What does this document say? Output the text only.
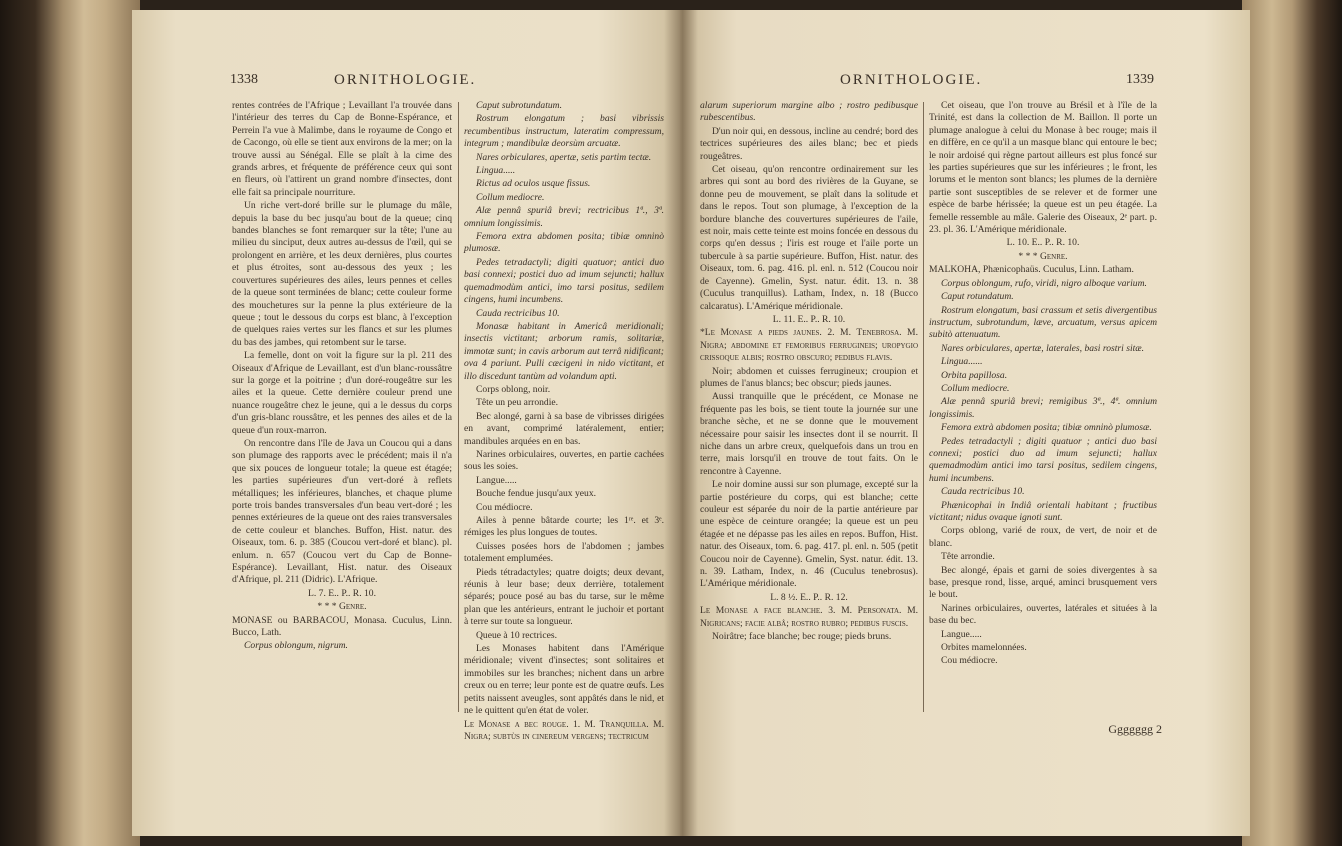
1338	ORNITHOLOGIE.

rentes contrées de l'Afrique ; Levaillant l'a trouvée dans l'intérieur des terres du Cap de Bonne-Espérance, et Perrein l'a vue à Malimbe, dans le royaume de Congo et de Cacongo, où elle se tient aux environs de la mer; on la trouve aussi au Sénégal. Elle se plaît à la cime des grands arbres, et fréquente de préférence ceux qui sont en fleurs, où l'attirent un grand nombre d'insectes, dont elle fait sa principale nourriture.

Un riche vert-doré brille sur le plumage du mâle, depuis la base du bec jusqu'au bout de la queue; cinq bandes blanches se font remarquer sur la tête; l'une au milieu du sinciput, deux autres au-dessus de l'œil, qui se prolongent en arrière, et les deux dernières, plus courtes et plus étroites, sont au-dessous des yeux ; les couvertures supérieures des ailes, leurs pennes et celles de la queue sont terminées de blanc; cette couleur forme des mouchetures sur la penne la plus extérieure de la queue ; tout le dessous du corps est blanc, à l'exception de quelques raies vertes sur les flancs et sur les plumes du bas des jambes, qui retombent sur le tarse.

La femelle, dont on voit la figure sur la pl. 211 des Oiseaux d'Afrique de Levaillant, est d'un blanc-roussâtre sur la gorge et la poitrine ; d'un doré-rougeâtre sur les ailes et la queue. Cette dernière couleur prend une nuance rougeâtre chez le jeune, qui a le dessus du corps d'un gris-blanc roussâtre, et les pennes des ailes et de la queue d'un roux-marron.

On rencontre dans l'île de Java un Coucou qui a dans son plumage des rapports avec le précédent; mais il n'a que six pouces de longueur totale; la queue est étagée; les parties supérieures d'un vert-doré à reflets métalliques; les inférieures, blanches, et chaque plume porte trois bandes transversales d'un beau vert-doré ; les pennes extérieures de la queue ont des raies transversales de cette couleur et blanches. Buffon, Hist. natur. des Oiseaux, tom. 6. p. 385 (Coucou vert-doré et blanc). pl. enlum. n. 657 (Coucou vert du Cap de Bonne-Espérance). Levaillant, Hist. natur. des Oiseaux d'Afrique, pl. 211 (Didric). L'Afrique.

L. 7. E.. P.. R. 10.

* * * Genre.

MONASE ou BARBACOU, Monasa. Cuculus, Linn. Bucco, Lath.

Corpus oblongum, nigrum.

Caput subrotundatum.

Rostrum elongatum ; basi vibrissis recumbentibus instructum, lateratim compressum, integrum ; mandibulæ deorsùm arcuatæ.

Nares orbiculares, apertæ, setis partim tectæ.

Lingua.....

Rictus ad oculos usque fissus.

Collum mediocre.

Alæ pennâ spuriâ brevi; rectricibus 1ª., 3ª. omnium longissimis.

Femora extra abdomen posita; tibiæ omninò plumosæ.

Pedes tetradactyli; digiti quatuor; antici duo basi connexi; postici duo ad imum sejuncti; hallux quemadmodùm antici, imo tarsi positus, sedilem cingens, humi incumbens.

Cauda rectricibus 10.

Monasæ habitant in Americâ meridionali; insectis victitant; arborum ramis, solitariæ, immotæ sunt; in cavis arborum aut terrâ nidificant; ova 4 pariunt. Pulli cæcigeni in nido victitant, et illo discedunt tantùm ad volandum apti.

Corps oblong, noir.

Tête un peu arrondie.

Bec alongé, garni à sa base de vibrisses dirigées en avant, comprimé latéralement, entier; mandibules arquées en en bas.

Narines orbiculaires, ouvertes, en partie cachées sous les soies.

Langue.....

Bouche fendue jusqu'aux yeux.

Cou médiocre.

Ailes à penne bâtarde courte; les 1ʳᵉ. et 3ᵉ. rémiges les plus longues de toutes.

Cuisses posées hors de l'abdomen ; jambes totalement emplumées.

Pieds tétradactyles; quatre doigts; deux devant, réunis à leur base; deux derrière, totalement séparés; pouce posé au bas du tarse, sur le même plan que les antérieurs, entrant le juchoir et portant à terre sur toute sa longueur.

Queue à 10 rectrices.

Les Monases habitent dans l'Amérique méridionale; vivent d'insectes; sont solitaires et immobiles sur les branches; nichent dans un arbre creux ou en terre; leur ponte est de quatre œufs. Les petits naissent aveugles, sont appâtés dans le nid, et ne le quittent qu'en état de voler.

Le Monase a bec rouge. 1. M. Tranquilla. M. Nigra; subtùs in cinereum vergens; tectricum

ORNITHOLOGIE.	1339

alarum superiorum margine albo ; rostro pedibusque rubescentibus.

D'un noir qui, en dessous, incline au cendré; bord des tectrices supérieures des ailes blanc; bec et pieds rougeâtres.

Cet oiseau, qu'on rencontre ordinairement sur les arbres qui sont au bord des rivières de la Guyane, se donne peu de mouvement, se plaît dans la solitude et dans le repos. Tout son plumage, à l'exception de la bordure blanche des couvertures supérieures de l'aile, est noir, mais cette teinte est moins foncée en dessous du corps qu'en dessus ; l'iris est rouge et l'aile porte un tubercule à sa partie supérieure. Buffon, Hist. natur. des Oiseaux, tom. 6. pag. 416. pl. enl. n. 512 (Coucou noir de Cayenne). Gmelin, Syst. natur. édit. 13. n. 38 (Cuculus tranquillus). Latham, Index, n. 18 (Bucco calcaratus). L'Amérique méridionale.

L. 11. E.. P.. R. 10.

*Le Monase a pieds jaunes. 2. M. Tenebrosa. M. Nigra; abdomine et femoribus ferrugineis; uropygio crissoque albis; rostro obscuro; pedibus flavis.

Noir; abdomen et cuisses ferrugineux; croupion et plumes de l'anus blancs; bec obscur; pieds jaunes.

Aussi tranquille que le précédent, ce Monase ne fréquente pas les bois, se tient toute la journée sur une branche sèche, et ne se donne que le mouvement nécessaire pour saisir les insectes dont il se nourrit. Il niche dans un arbre creux, quelquefois dans un trou en terre, mais lorsqu'il en trouve de tout faits. On le rencontre à Cayenne.

Le noir domine aussi sur son plumage, excepté sur la partie postérieure du corps, qui est blanche; cette couleur est séparée du noir de la partie antérieure par une espèce de ceinture orangée; la queue est un peu étagée et ne dépasse pas les ailes en repos. Buffon, Hist. natur. des Oiseaux, tom. 6. pag. 417. pl. enl. n. 505 (petit Coucou noir de Cayenne). Gmelin, Syst. natur. édit. 13. n. 39. Latham, Index, n. 46 (Cuculus tenebrosus). L'Amérique méridionale.

L. 8 ½. E.. P.. R. 12.

Le Monase a face blanche. 3. M. Personata. M. Nigricans; facie albâ; rostro rubro; pedibus fuscis.

Noirâtre; face blanche; bec rouge; pieds bruns.

Cet oiseau, que l'on trouve au Brésil et à l'île de la Trinité, est dans la collection de M. Baillon. Il porte un plumage analogue à celui du Monase à bec rouge; mais il en diffère, en ce qu'il a un masque blanc qui entoure le bec; le noir ardoisé qui règne partout ailleurs est plus foncé sur les parties supérieures que sur les inférieures ; le front, les lorums et le menton sont blancs; les plumes de la dernière partie sont susceptibles de se relever et de former une espèce de barbe hérissée; la queue est un peu étagée. La femelle ressemble au mâle. Galerie des Oiseaux, 2ᵉ part. p. 23. pl. 36. L'Amérique méridionale.

L. 10. E.. P.. R. 10.

* * * Genre.

MALKOHA, Phænicophaüs. Cuculus, Linn. Latham.

Corpus oblongum, rufo, viridi, nigro alboque varium.

Caput rotundatum.

Rostrum elongatum, basi crassum et setis divergentibus instructum, subrotundum, læve, arcuatum, versus apicem subitò attenuatum.

Nares orbiculares, apertæ, laterales, basi rostri sitæ.

Lingua......

Orbita papillosa.

Collum mediocre.

Alæ pennâ spuriâ brevi; remigibus 3ª., 4ª. omnium longissimis.

Femora extrà abdomen posita; tibiæ omninò plumosæ.

Pedes tetradactyli ; digiti quatuor ; antici duo basi connexi; postici duo ad imum sejuncti; hallux quemadmodùm antici imo tarsi positus, sedilem cingens, humi incumbens.

Cauda rectricibus 10.

Phænicophai in Indiâ orientali habitant ; fructibus victitant; nidus ovaque ignoti sunt.

Corps oblong, varié de roux, de vert, de noir et de blanc.

Tête arrondie.

Bec alongé, épais et garni de soies divergentes à sa base, presque rond, lisse, arqué, aminci brusquement vers le bout.

Narines orbiculaires, ouvertes, latérales et situées à la base du bec.

Langue.....

Orbites mamelonnées.

Cou médiocre.

Ggggggg 2
